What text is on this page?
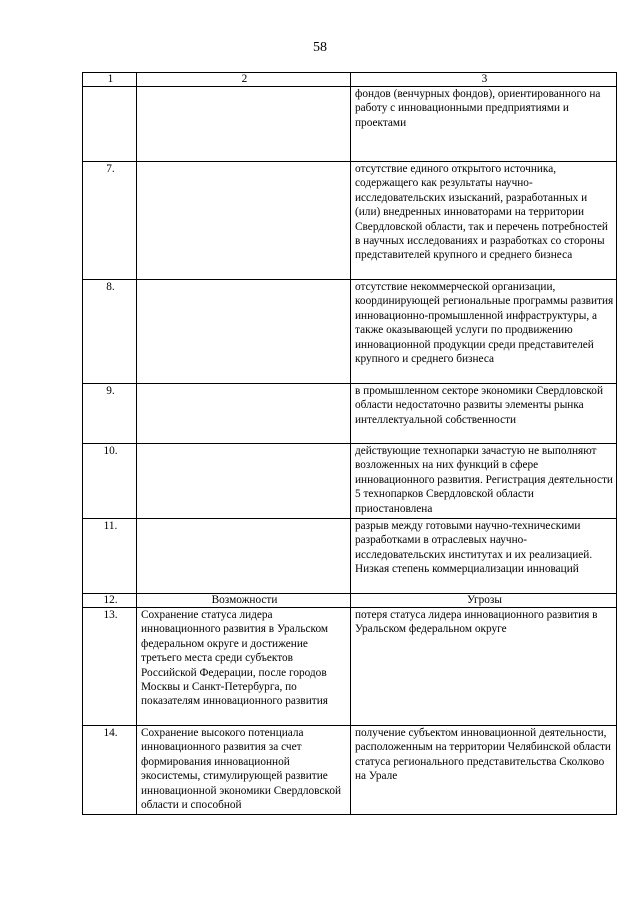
58
1	2	3
		фондов (венчурных фондов), ориентированного на работу с инновационными предприятиями и проектами
7.		отсутствие единого открытого источника, содержащего как результаты научно-исследовательских изысканий, разработанных и (или) внедренных инноваторами на территории Свердловской области, так и перечень потребностей в научных исследованиях и разработках со стороны представителей крупного и среднего бизнеса
8.		отсутствие некоммерческой организации, координирующей региональные программы развития инновационно-промышленной инфраструктуры, а также оказывающей услуги по продвижению инновационной продукции среди представителей крупного и среднего бизнеса
9.		в промышленном секторе экономики Свердловской области недостаточно развиты элементы рынка интеллектуальной собственности
10.		действующие технопарки зачастую не выполняют возложенных на них функций в сфере инновационного развития. Регистрация деятельности 5 технопарков Свердловской области приостановлена
11.		разрыв между готовыми научно-техническими разработками в отраслевых научно-исследовательских институтах и их реализацией. Низкая степень коммерциализации инноваций
12.	Возможности	Угрозы
13.	Сохранение статуса лидера инновационного развития в Уральском федеральном округе и достижение третьего места среди субъектов Российской Федерации, после городов Москвы и Санкт-Петербурга, по показателям инновационного развития	потеря статуса лидера инновационного развития в Уральском федеральном округе
14.	Сохранение высокого потенциала инновационного развития за счет формирования инновационной экосистемы, стимулирующей развитие инновационной экономики Свердловской области и способной	получение субъектом инновационной деятельности, расположенным на территории Челябинской области статуса регионального представительства Сколково на Урале
